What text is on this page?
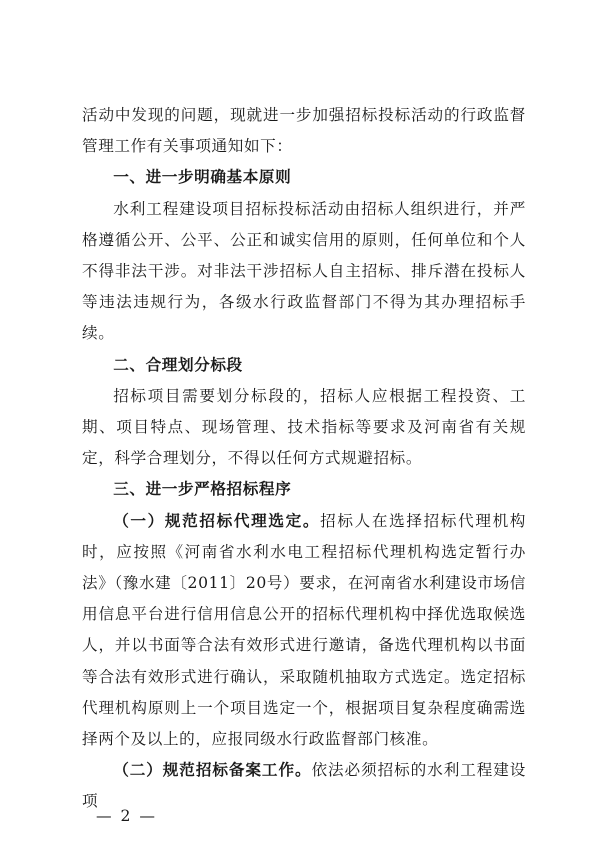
活动中发现的问题，现就进一步加强招标投标活动的行政监督管理工作有关事项通知如下：

一、进一步明确基本原则

水利工程建设项目招标投标活动由招标人组织进行，并严格遵循公开、公平、公正和诚实信用的原则，任何单位和个人不得非法干涉。对非法干涉招标人自主招标、排斥潜在投标人等违法违规行为，各级水行政监督部门不得为其办理招标手续。

二、合理划分标段

招标项目需要划分标段的，招标人应根据工程投资、工期、项目特点、现场管理、技术指标等要求及河南省有关规定，科学合理划分，不得以任何方式规避招标。

三、进一步严格招标程序

（一）规范招标代理选定。招标人在选择招标代理机构时，应按照《河南省水利水电工程招标代理机构选定暂行办法》（豫水建〔2011〕20号）要求，在河南省水利建设市场信用信息平台进行信用信息公开的招标代理机构中择优选取候选人，并以书面等合法有效形式进行邀请，备选代理机构以书面等合法有效形式进行确认，采取随机抽取方式选定。选定招标代理机构原则上一个项目选定一个，根据项目复杂程度确需选择两个及以上的，应报同级水行政监督部门核准。

（二）规范招标备案工作。依法必须招标的水利工程建设项

— 2 —
